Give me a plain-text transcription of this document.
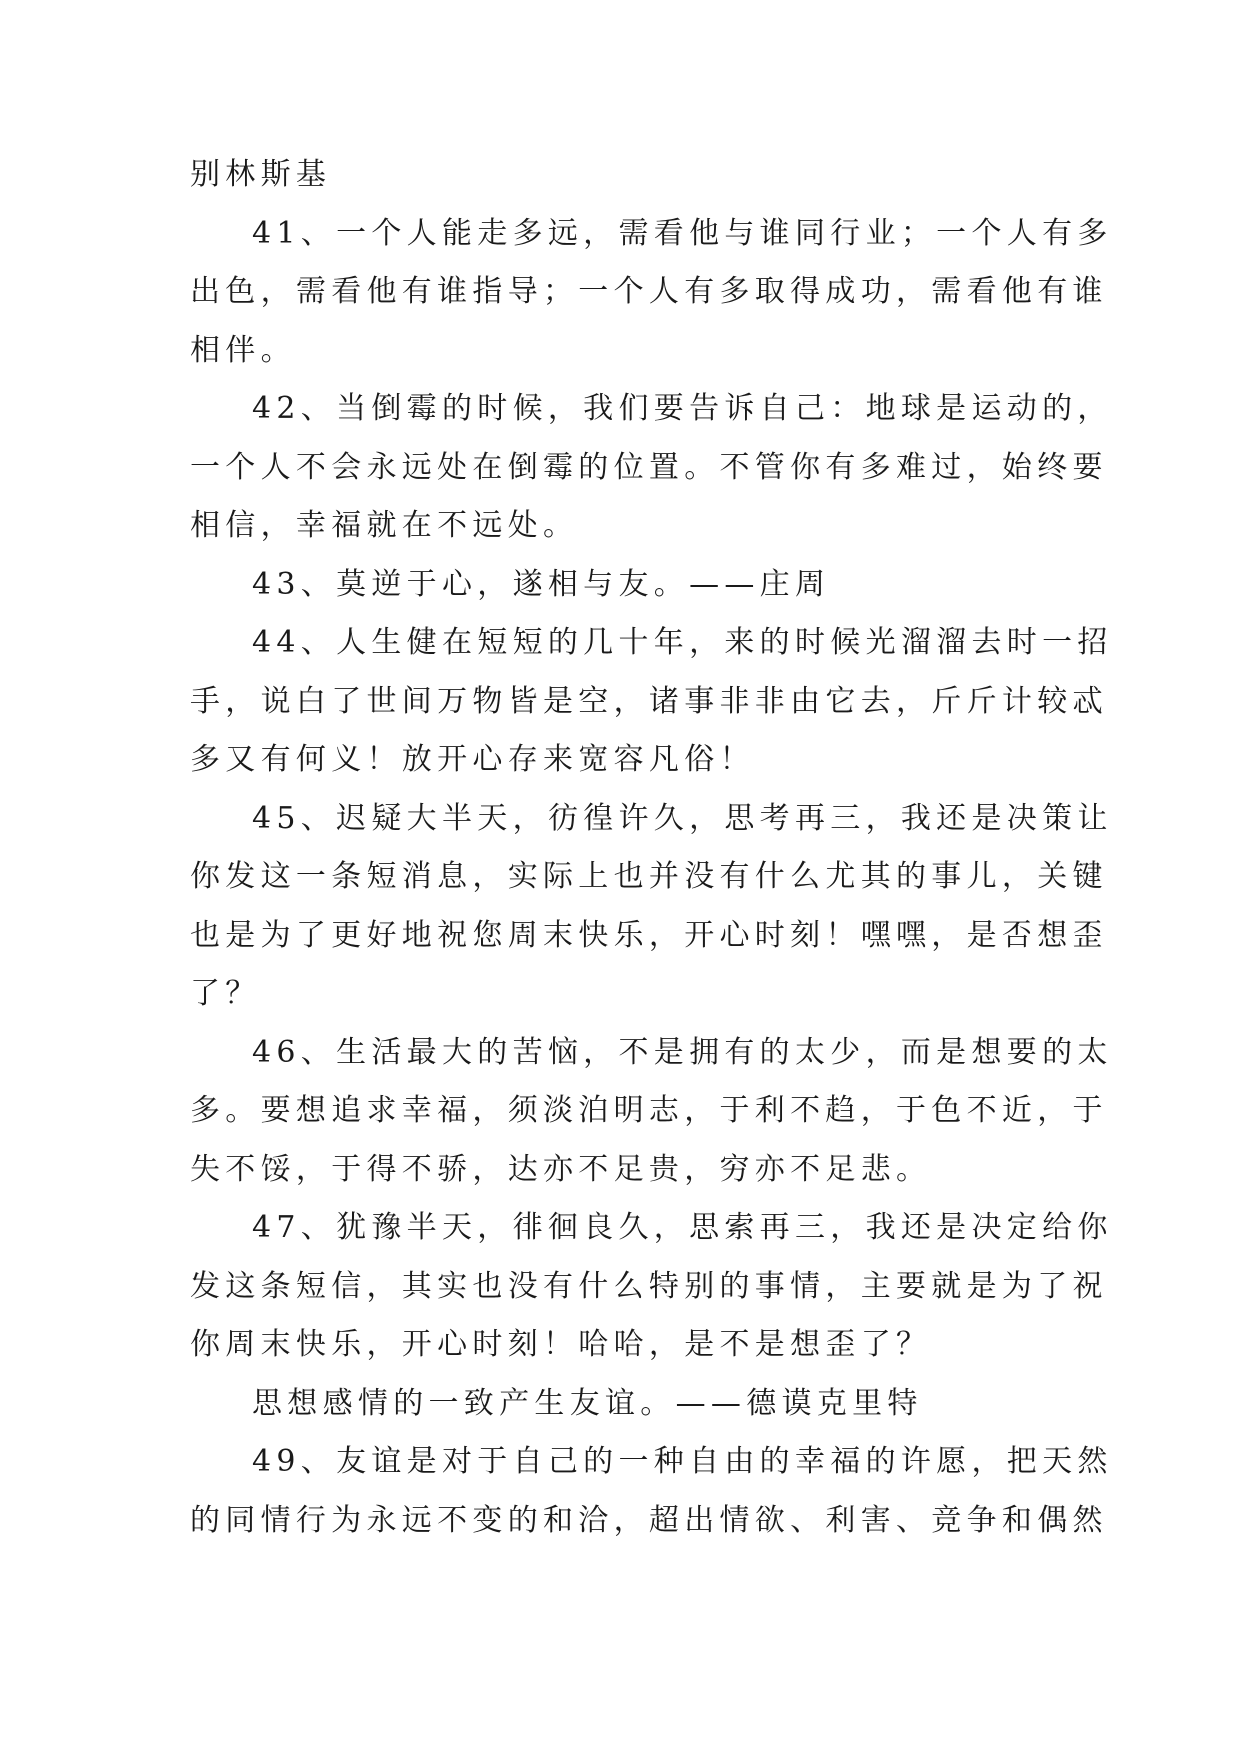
别林斯基
41、一个人能走多远，需看他与谁同行业；一个人有多
出色，需看他有谁指导；一个人有多取得成功，需看他有谁
相伴。
42、当倒霉的时候，我们要告诉自己：地球是运动的，
一个人不会永远处在倒霉的位置。不管你有多难过，始终要
相信，幸福就在不远处。
43、莫逆于心，遂相与友。——庄周
44、人生健在短短的几十年，来的时候光溜溜去时一招
手，说白了世间万物皆是空，诸事非非由它去，斤斤计较忒
多又有何义！放开心存来宽容凡俗！
45、迟疑大半天，彷徨许久，思考再三，我还是决策让
你发这一条短消息，实际上也并没有什么尤其的事儿，关键
也是为了更好地祝您周末快乐，开心时刻！嘿嘿，是否想歪
了？
46、生活最大的苦恼，不是拥有的太少，而是想要的太
多。要想追求幸福，须淡泊明志，于利不趋，于色不近，于
失不馁，于得不骄，达亦不足贵，穷亦不足悲。
47、犹豫半天，徘徊良久，思索再三，我还是决定给你
发这条短信，其实也没有什么特别的事情，主要就是为了祝
你周末快乐，开心时刻！哈哈，是不是想歪了？
思想感情的一致产生友谊。——德谟克里特
49、友谊是对于自己的一种自由的幸福的许愿，把天然
的同情行为永远不变的和洽，超出情欲、利害、竞争和偶然
